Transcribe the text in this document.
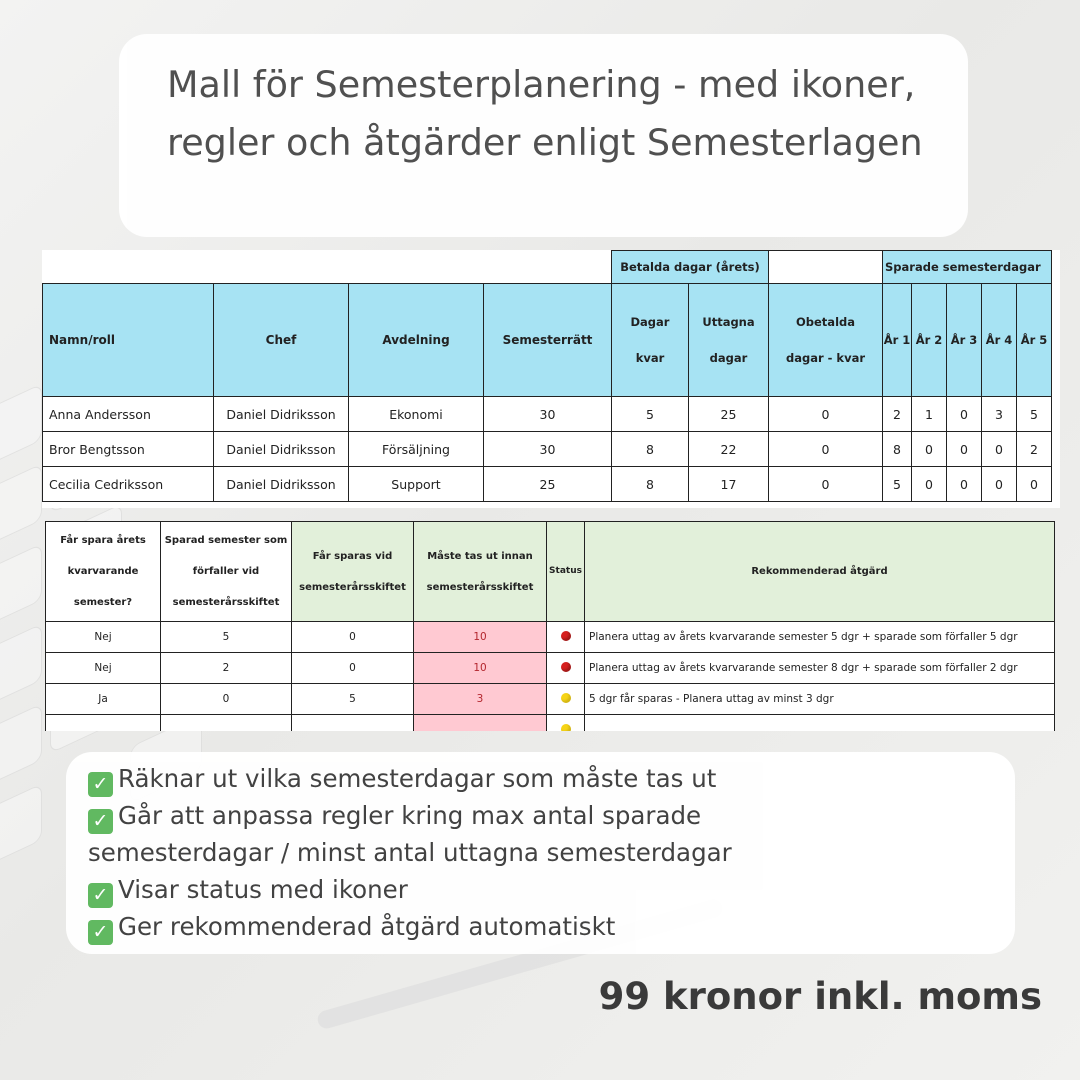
Mall för Semesterplanering - med ikoner, regler och åtgärder enligt Semesterlagen
				Betalda dagar (årets)			Sparade semesterdagar				
Namn/roll	Chef	Avdelning	Semesterrätt	Dagar kvar	Uttagna dagar	Obetalda dagar - kvar	År 1	År 2	År 3	År 4	År 5
Anna Andersson	Daniel Didriksson	Ekonomi	30	5	25	0	2	1	0	3	5
Bror Bengtsson	Daniel Didriksson	Försäljning	30	8	22	0	8	0	0	0	2
Cecilia Cedriksson	Daniel Didriksson	Support	25	8	17	0	5	0	0	0	0
Får spara årets kvarvarande semester?	Sparad semester som förfaller vid semesterårsskiftet	Får sparas vid semesterårsskiftet	Måste tas ut innan semesterårsskiftet	Status	Rekommenderad åtgärd
Nej	5	0	10		Planera uttag av årets kvarvarande semester 5 dgr + sparade som förfaller 5 dgr
Nej	2	0	10		Planera uttag av årets kvarvarande semester 8 dgr + sparade som förfaller 2 dgr
Ja	0	5	3		5 dgr får sparas - Planera uttag av minst 3 dgr

✓ Räknar ut vilka semesterdagar som måste tas ut
✓ Går att anpassa regler kring max antal sparade
semesterdagar / minst antal uttagna semesterdagar
✓ Visar status med ikoner
✓ Ger rekommenderad åtgärd automatiskt
99 kronor inkl. moms
